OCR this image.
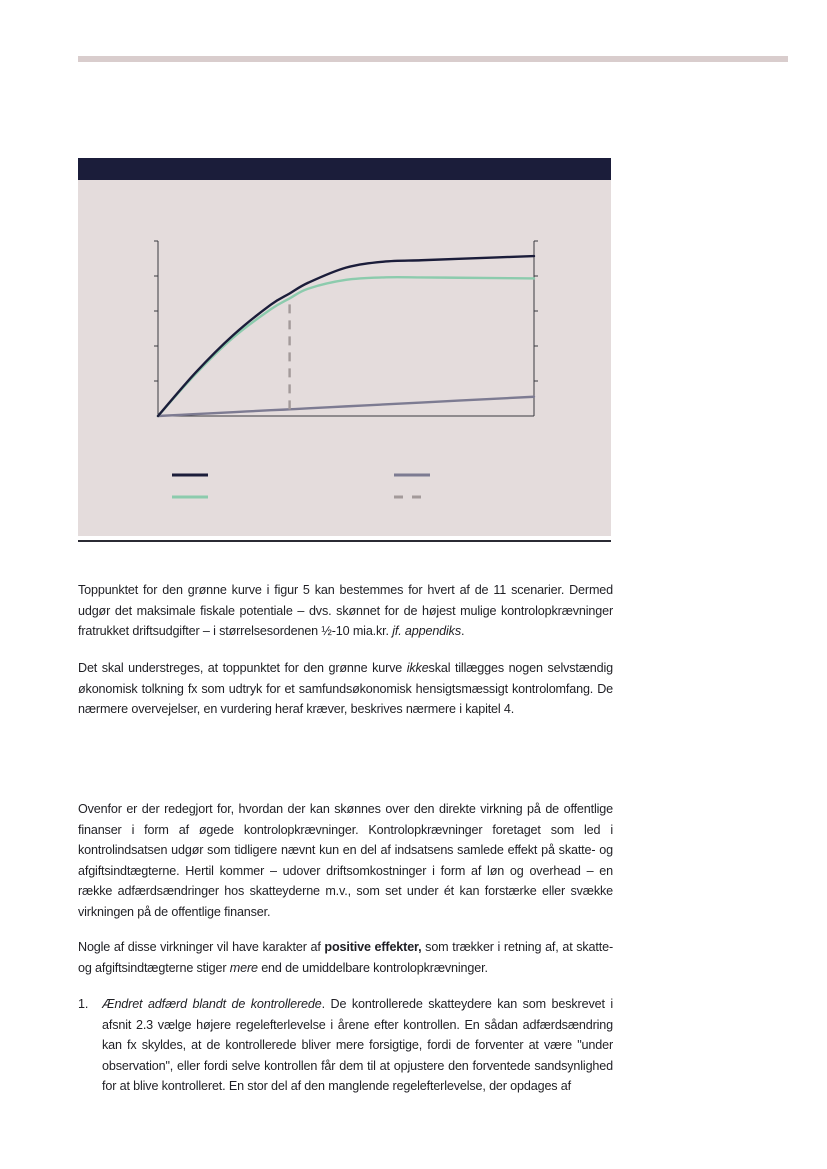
Toppunktet for den grønne kurve i figur 5 kan bestemmes for hvert af de 11 scenarier. Dermed udgør det maksimale fiskale potentiale – dvs. skønnet for de højest mulige kontrolopkrævninger fratrukket driftsudgifter – i størrelsesordenen ½-10 mia.kr. jf. appendiks.

Det skal understreges, at toppunktet for den grønne kurve ikkeskal tillægges nogen selvstændig økonomisk tolkning fx som udtryk for et samfundsøkonomisk hensigtsmæssigt kontrolomfang. De nærmere overvejelser, en vurdering heraf kræver, beskrives nærmere i kapitel 4.

Ovenfor er der redegjort for, hvordan der kan skønnes over den direkte virkning på de offentlige finanser i form af øgede kontrolopkrævninger. Kontrolopkrævninger foretaget som led i kontrolindsatsen udgør som tidligere nævnt kun en del af indsatsens samlede effekt på skatte- og afgiftsindtægterne. Hertil kommer – udover driftsomkostninger i form af løn og overhead – en række adfærdsændringer hos skatteyderne m.v., som set under ét kan forstærke eller svække virkningen på de offentlige finanser.

Nogle af disse virkninger vil have karakter af positive effekter, som trækker i retning af, at skatte- og afgiftsindtægterne stiger mere end de umiddelbare kontrolopkrævninger.

1. Ændret adfærd blandt de kontrollerede. De kontrollerede skatteydere kan som beskrevet i afsnit 2.3 vælge højere regelefterlevelse i årene efter kontrollen. En sådan adfærdsændring kan fx skyldes, at de kontrollerede bliver mere forsigtige, fordi de forventer at være "under observation", eller fordi selve kontrollen får dem til at opjustere den forventede sandsynlighed for at blive kontrolleret. En stor del af den manglende regelefterlevelse, der opdages af
